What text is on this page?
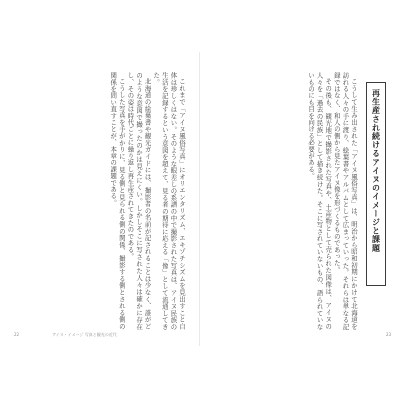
これまで「アイヌ風俗写真」にオリエンタリズム、エキゾチシズムを見出すこと自体は珍しくはない。そのような眼差しの系譜の中で撮影された写真は、アイヌ民族の生活を記録するという意図を超えて、見る者の期待に応える「像」として流通してきた。

北海道の絵葉書や観光ガイドには、撮影者の名前が記されることは少なく、誰がどのような意図で撮ったのかは見えにくい。しかしそこに写された人々は確かに存在し、その姿は時代ごとに繰り返し再生産されてきたのである。

こうした写真を手がかりに、見る側と見られる側の関係、撮影する側とされる側の関係を問い直すことが、本章の課題である。

22	アイヌ・イメージ 写真と観光の近代
再生産され続けるアイヌのイメージと課題

こうして生み出された「アイヌ風俗写真」は、明治から昭和初期にかけて北海道を訪れる人々の手に渡り、絵葉書やアルバムとして広まっていった。それらは単なる記録ではなく、和人の側から見たアイヌ像を形づくるものであった。

その後も、観光地で撮影された写真や、土産物として売られた図像は、アイヌの人々を「過去の民族」として描き続けた。そこに写されていないもの、語られていないものにも目を向ける必要がある。

23
